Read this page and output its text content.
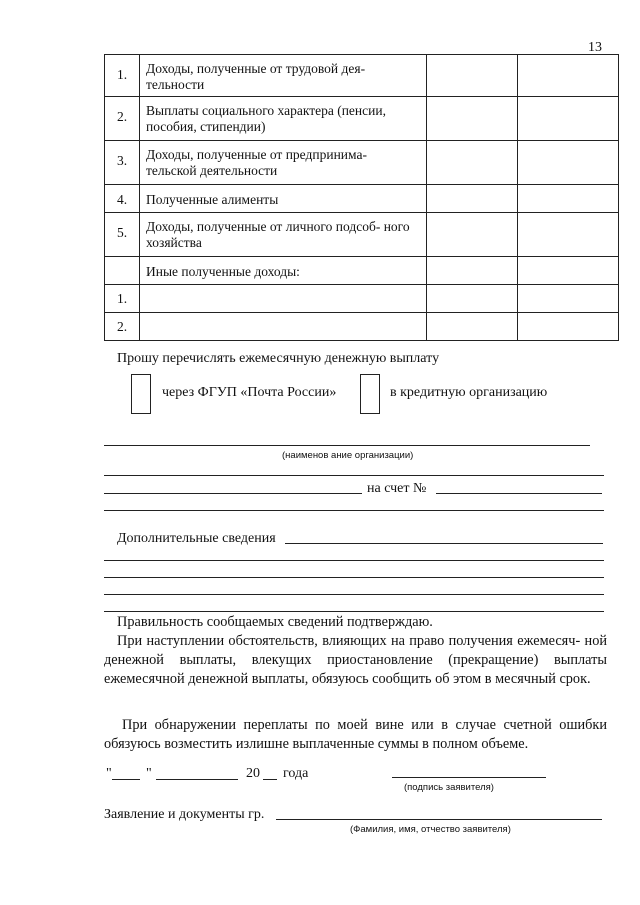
13
1.	Доходы, полученные от трудовой дея- тельности		
2.	Выплаты социального характера (пенсии, пособия, стипендии)		
3.	Доходы, полученные от предпринима- тельской деятельности		
4.	Полученные алименты		
5.	Доходы, полученные от личного подсоб- ного хозяйства		
	Иные полученные доходы:		
1.			
2.			
Прошу перечислять ежемесячную денежную выплату
через ФГУП «Почта России»	в кредитную организацию
(наименов ание организации)
на счет №
Дополнительные сведения
Правильность сообщаемых сведений подтверждаю.
При наступлении обстоятельств, влияющих на право получения ежемесяч- ной денежной выплаты, влекущих приостановление (прекращение) выплаты ежемесячной денежной выплаты, обязуюсь сообщить об этом в месячный срок.
При обнаружении переплаты по моей вине или в случае счетной ошибки обязуюсь возместить излишне выплаченные суммы в полном объеме.
" "	20 года
(подпись заявителя)
Заявление и документы гр.
(Фамилия, имя, отчество заявителя)
